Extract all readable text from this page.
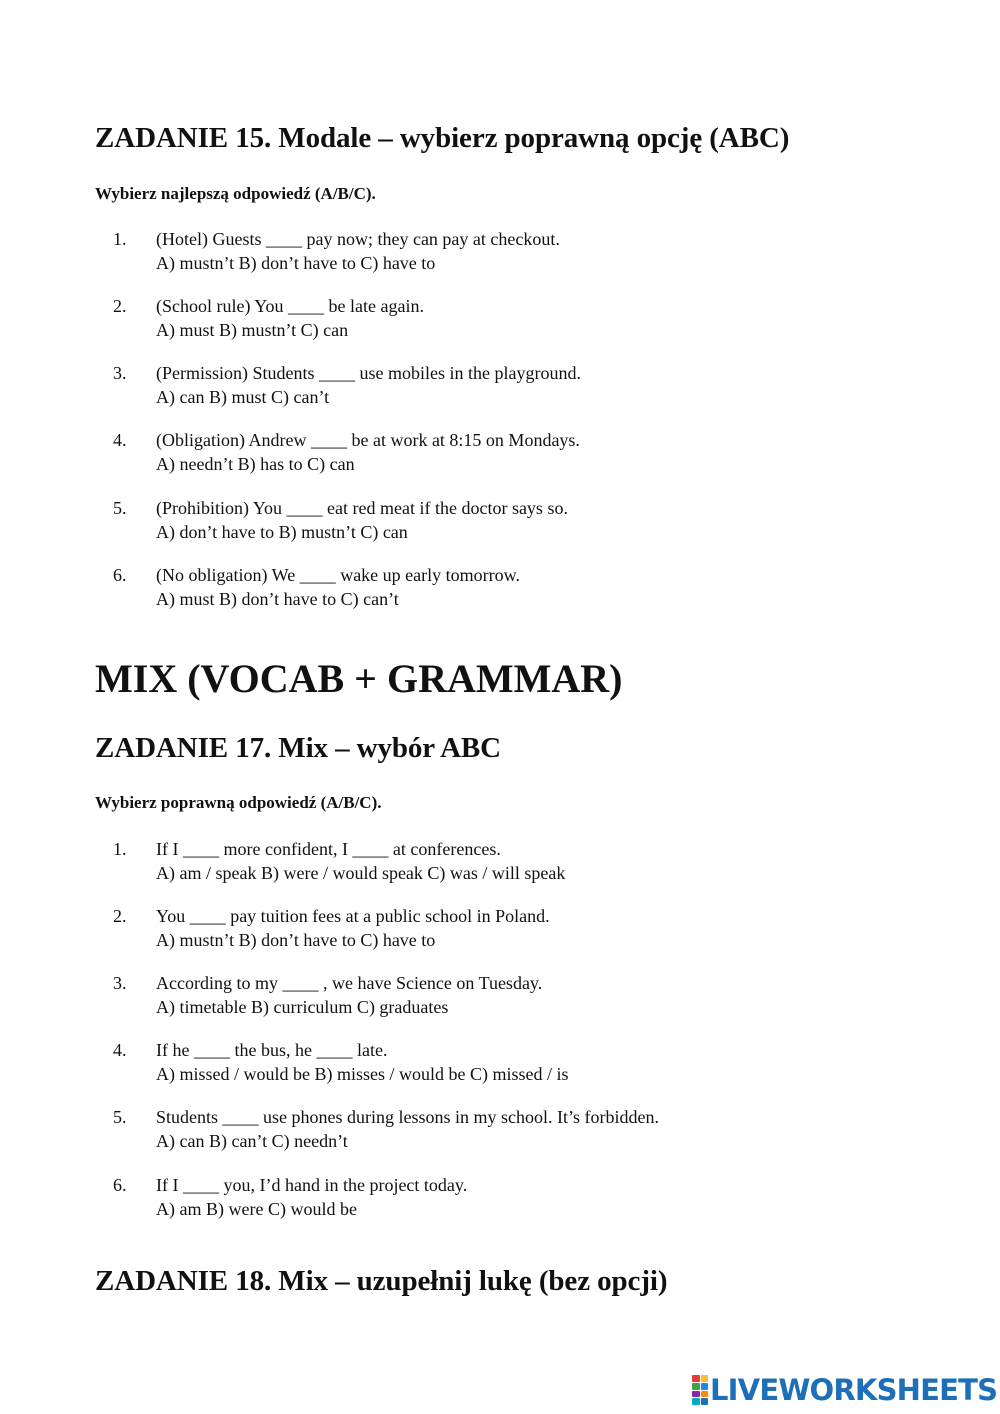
ZADANIE 15. Modale – wybierz poprawną opcję (ABC)
Wybierz najlepszą odpowiedź (A/B/C).
1. (Hotel) Guests ____ pay now; they can pay at checkout.
A) mustn’t B) don’t have to C) have to
2. (School rule) You ____ be late again.
A) must B) mustn’t C) can
3. (Permission) Students ____ use mobiles in the playground.
A) can B) must C) can’t
4. (Obligation) Andrew ____ be at work at 8:15 on Mondays.
A) needn’t B) has to C) can
5. (Prohibition) You ____ eat red meat if the doctor says so.
A) don’t have to B) mustn’t C) can
6. (No obligation) We ____ wake up early tomorrow.
A) must B) don’t have to C) can’t
MIX (VOCAB + GRAMMAR)
ZADANIE 17. Mix – wybór ABC
Wybierz poprawną odpowiedź (A/B/C).
1. If I ____ more confident, I ____ at conferences.
A) am / speak B) were / would speak C) was / will speak
2. You ____ pay tuition fees at a public school in Poland.
A) mustn’t B) don’t have to C) have to
3. According to my ____ , we have Science on Tuesday.
A) timetable B) curriculum C) graduates
4. If he ____ the bus, he ____ late.
A) missed / would be B) misses / would be C) missed / is
5. Students ____ use phones during lessons in my school. It’s forbidden.
A) can B) can’t C) needn’t
6. If I ____ you, I’d hand in the project today.
A) am B) were C) would be
ZADANIE 18. Mix – uzupełnij lukę (bez opcji)
LIVEWORKSHEETS
